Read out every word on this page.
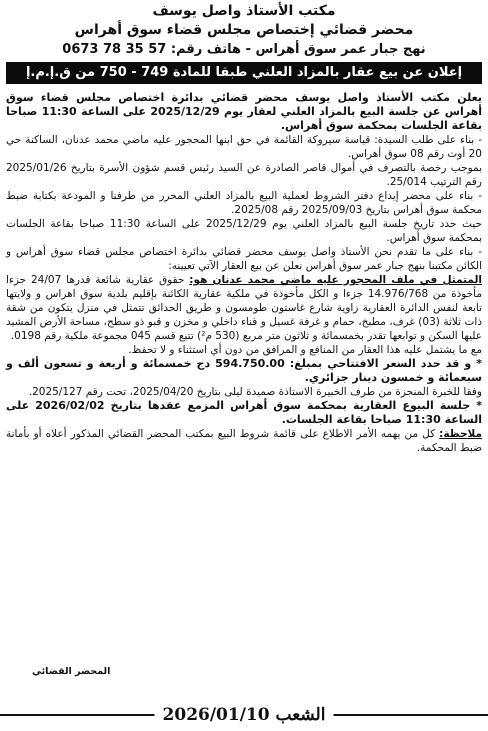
مكتب الأستاذ واصل يوسف
محضر قضائي إختصاص مجلس قضاء سوق أهراس
نهج جبار عمر سوق أهراس - هاتف رقم: 57 35 78 0673
إعلان عن بيع عقار بالمزاد العلني طبقا للمادة 749 - 750 من ق.إ.م.إ

يعلن مكتب الأستاذ واصل يوسف محضر قضائي بدائرة اختصاص مجلس قضاء سوق أهراس عن جلسة البيع بالمزاد العلني لعقار يوم 2025/12/29 على الساعة 11:30 صباحا بقاعة الجلسات بمحكمة سوق أهراس.

- بناء على طلب السيدة: قياسة سيروكة القائمة في حق ابنها المحجور عليه ماضي محمد عدنان، الساكنة حي 20 أوت رقم 08 سوق أهراس.

بموجب رخصة بالتصرف في أموال قاصر الصادرة عن السيد رئيس قسم شؤون الأسرة بتاريخ 2025/01/26 رقم الترتيب 25/014.

- بناء على محضر إيداع دفتر الشروط لعملية البيع بالمزاد العلني المحرر من طرفنا و المودعة بكتابة ضبط محكمة سوق أهراس بتاريخ 2025/09/03 رقم 2025/08.

حيث حدد تاريخ جلسة البيع بالمزاد العلني يوم 2025/12/29 على الساعة 11:30 صباحا بقاعة الجلسات بمحكمة سوق أهراس.

- بناء على ما تقدم نحن الأستاذ واصل يوسف محضر قضائي بدائرة اختصاص مجلس قضاء سوق أهراس و الكائن مكتبنا بنهج جبار عمر سوق أهراس نعلن عن بيع العقار الآتي تعيينه:

المتمثل في ملف المحجور عليه ماضي محمد عدنان هو: حقوق عقارية شائعة قدرها 24/07 جزءا مأخوذة من 14.976/768 جزءا و الكل مأخوذة في ملكية عقارية الكائنة بإقليم بلدية سوق اهراس و ولايتها تابعة لنفس الدائرة العقارية زاوية شارع غاستون طومسون و طريق الحدائق تتمثل في منزل يتكون من شقة ذات ثلاثة (03) غرف، مطبخ، حمام و غرفة غسيل و فناء داخلي و مخزن و قبو ذو سطح، مساحة الأرض المشيد عليها السكن و توابعها تقدر بخمسمائة و ثلاثون متر مربع (530 م²) تتبع قسم 045 مجموعة ملكية رقم 0198.

مع ما يشتمل عليه هذا العقار من المنافع و المرافق من دون أي استثناء و لا تحفظ.

* و قد حدد السعر الافتتاحي بمبلغ: 594.750.00 دج خمسمائة و أربعة و تسعون ألف و سبعمائة و خمسون دينار جزائري.

وفقا للخبرة المنجزة من طرف الخبيرة الاستاذة صميدة ليلى بتاريخ 2025/04/20، تحت رقم 2025/127.

* جلسة البيوع العقارية بمحكمة سوق أهراس المزمع عقدها بتاريخ 2026/02/02 على الساعة 11:30 صباحا بقاعة الجلسات.

ملاحظة: كل من يهمه الأمر الاطلاع على قائمة شروط البيع بمكتب المحضر القضائي المذكور أعلاه أو بأمانة ضبط المحكمة.

المحضر القضائي
الشعب 2026/01/10
